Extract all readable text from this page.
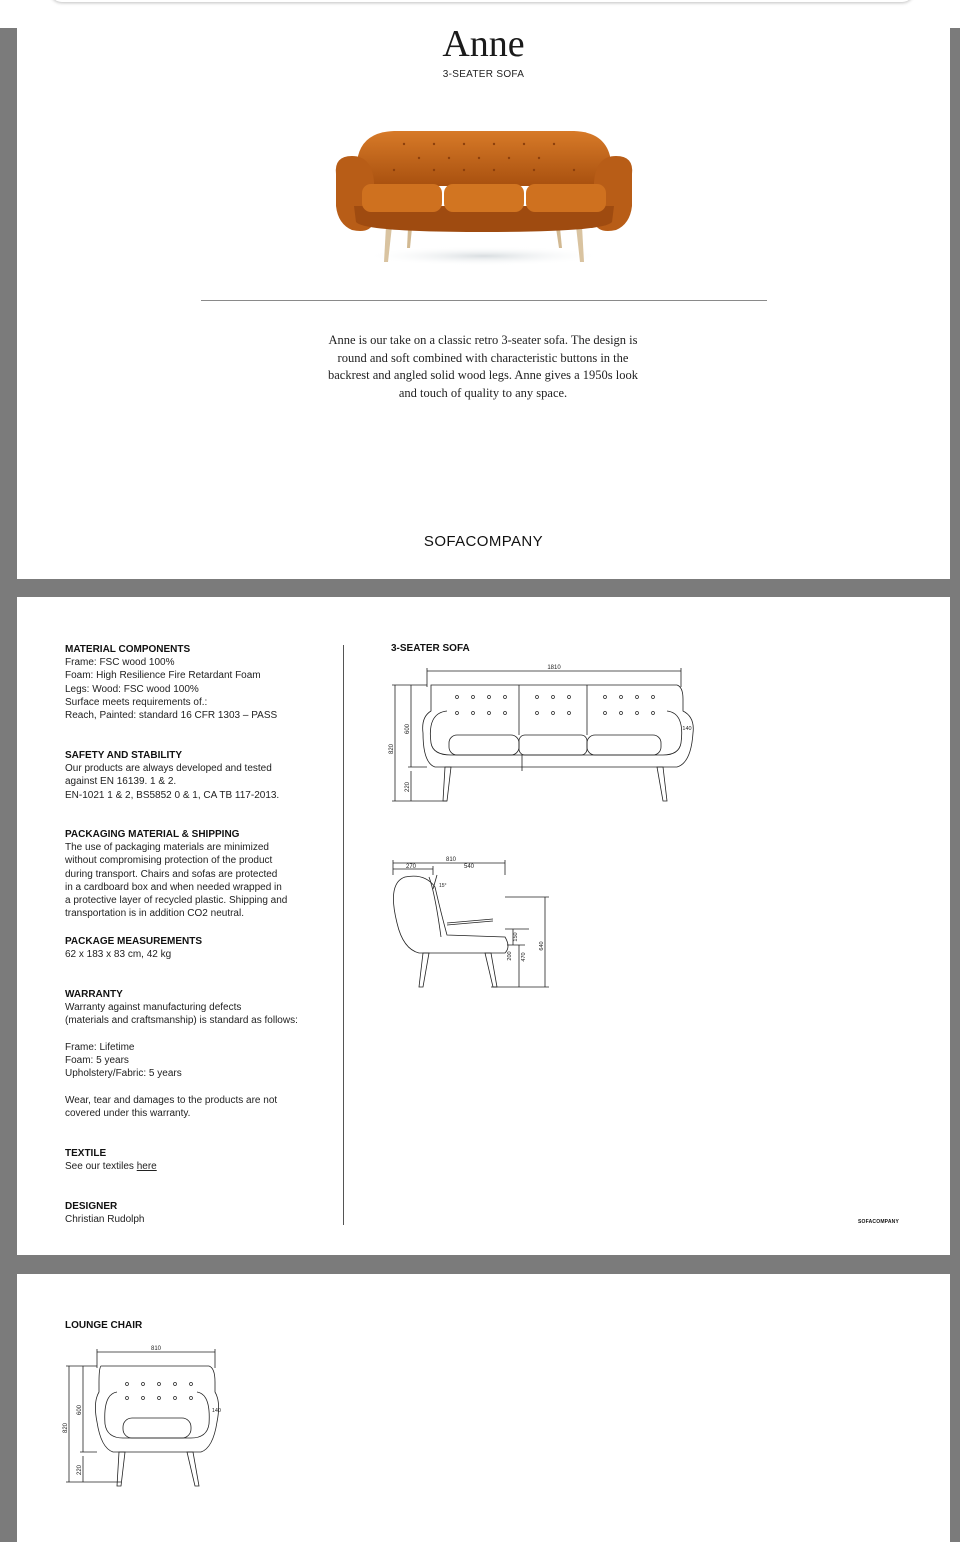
Anne
3-SEATER SOFA
Anne is our take on a classic retro 3-seater sofa. The design is round and soft combined with characteristic buttons in the backrest and angled solid wood legs. Anne gives a 1950s look and touch of quality to any space.
SOFACOMPANY
MATERIAL COMPONENTS
Frame: FSC wood 100%
Foam: High Resilience Fire Retardant Foam
Legs: Wood: FSC wood 100%
Surface meets requirements of.:
Reach, Painted: standard 16 CFR 1303 – PASS
SAFETY AND STABILITY
Our products are always developed and tested
against EN 16139. 1 & 2.
EN-1021 1 & 2, BS5852 0 & 1, CA TB 117-2013.
PACKAGING MATERIAL & SHIPPING
The use of packaging materials are minimized
without compromising protection of the product
during transport. Chairs and sofas are protected
in a cardboard box and when needed wrapped in
a protective layer of recycled plastic. Shipping and
transportation is in addition CO2 neutral.
PACKAGE MEASUREMENTS
62 x 183 x 83 cm, 42 kg
WARRANTY
Warranty against manufacturing defects
(materials and craftsmanship) is standard as follows:
Frame: Lifetime
Foam: 5 years
Upholstery/Fabric: 5 years
Wear, tear and damages to the products are not
covered under this warranty.
TEXTILE
See our textiles here
DESIGNER
Christian Rudolph
3-SEATER SOFA
1810
820
600
220
140
810
270	540
15°
150
200 470
640
SOFACOMPANY
LOUNGE CHAIR
810
820
600
220
140
